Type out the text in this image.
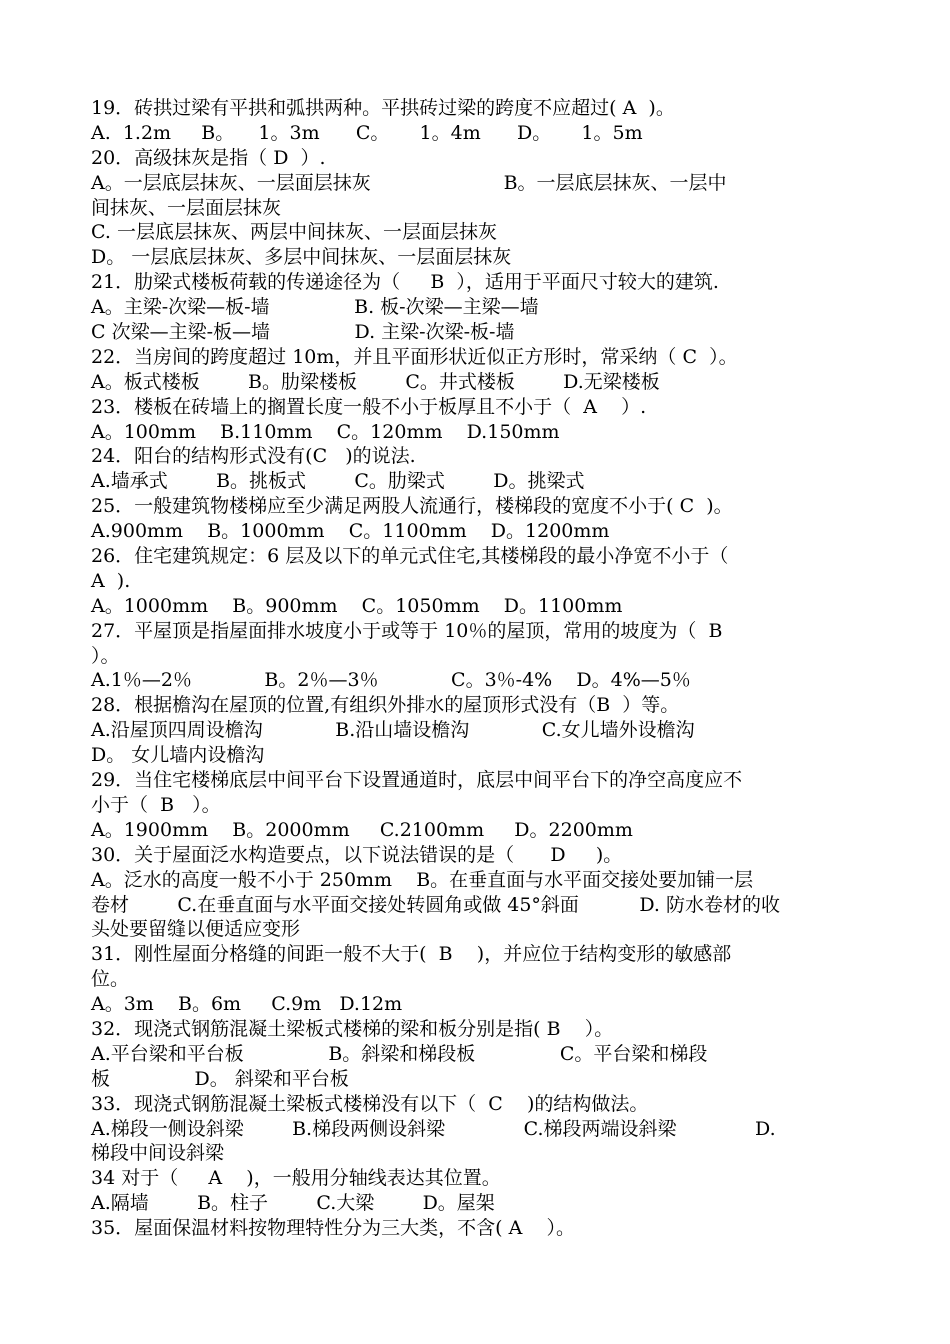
19．砖拱过梁有平拱和弧拱两种。平拱砖过梁的跨度不应超过( A  )。
A.  1.2m     B。    1。3m      C。     1。4m      D。     1。5m
20．高级抹灰是指（ D  ）.
A。一层底层抹灰、一层面层抹灰                      B。一层底层抹灰、一层中
间抹灰、一层面层抹灰
C. 一层底层抹灰、两层中间抹灰、一层面层抹灰
D。 一层底层抹灰、多层中间抹灰、一层面层抹灰
21．肋梁式楼板荷载的传递途径为（     B  ），适用于平面尺寸较大的建筑.
A。主梁-次梁—板-墙              B. 板-次梁—主梁—墙
C 次梁—主梁-板—墙              D. 主梁-次梁-板-墙
22．当房间的跨度超过 10m，并且平面形状近似正方形时，常采纳（ C  ）。
A。板式楼板        B。肋梁楼板        C。井式楼板        D.无梁楼板
23．楼板在砖墙上的搁置长度一般不小于板厚且不小于（  A    ）.
A。100mm    B.110mm    C。120mm    D.150mm
24．阳台的结构形式没有(C   )的说法.
A.墙承式        B。挑板式        C。肋梁式        D。挑梁式
25．一般建筑物楼梯应至少满足两股人流通行，楼梯段的宽度不小于( C  )。
A.900mm    B。1000mm    C。1100mm    D。1200mm
26．住宅建筑规定：6 层及以下的单元式住宅,其楼梯段的最小净宽不小于（
A  ).
A。1000mm    B。900mm    C。1050mm    D。1100mm
27．平屋顶是指屋面排水坡度小于或等于 10％的屋顶，常用的坡度为（  B
）。
A.1％—2％            B。2％—3％            C。3％-4%    D。4%—5％
28．根据檐沟在屋顶的位置,有组织外排水的屋顶形式没有（B  ）等。
A.沿屋顶四周设檐沟            B.沿山墙设檐沟            C.女儿墙外设檐沟
D。 女儿墙内设檐沟
29．当住宅楼梯底层中间平台下设置通道时，底层中间平台下的净空高度应不
小于（  B   ）。
A。1900mm    B。2000mm     C.2100mm     D。2200mm
30．关于屋面泛水构造要点，以下说法错误的是（      D     )。
A。泛水的高度一般不小于 250mm    B。在垂直面与水平面交接处要加铺一层
卷材        C.在垂直面与水平面交接处转圆角或做 45°斜面          D. 防水卷材的收
头处要留缝以便适应变形
31．刚性屋面分格缝的间距一般不大于(  B    )，并应位于结构变形的敏感部
位。
A。3m    B。6m     C.9m   D.12m
32．现浇式钢筋混凝土梁板式楼梯的梁和板分别是指( B    ）。
A.平台梁和平台板              B。斜梁和梯段板              C。平台梁和梯段
板              D。 斜梁和平台板
33．现浇式钢筋混凝土梁板式楼梯没有以下（  C    )的结构做法。
A.梯段一侧设斜梁        B.梯段两侧设斜梁             C.梯段两端设斜梁             D.
梯段中间设斜梁
34 对于（     A    )，一般用分轴线表达其位置。
A.隔墙        B。柱子        C.大梁        D。屋架
35．屋面保温材料按物理特性分为三大类，不含( A    ）。
